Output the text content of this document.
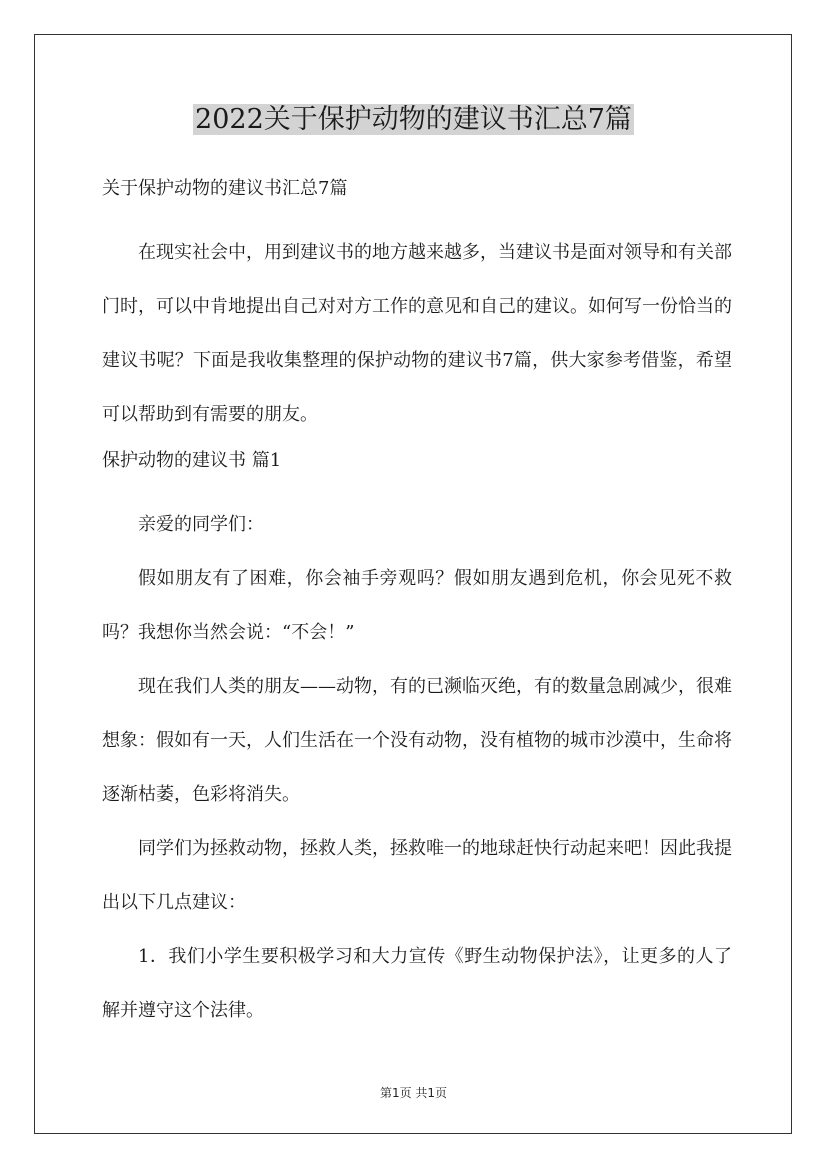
2022关于保护动物的建议书汇总7篇

关于保护动物的建议书汇总7篇

在现实社会中，用到建议书的地方越来越多，当建议书是面对领导和有关部门时，可以中肯地提出自己对对方工作的意见和自己的建议。如何写一份恰当的建议书呢？下面是我收集整理的保护动物的建议书7篇，供大家参考借鉴，希望可以帮助到有需要的朋友。

保护动物的建议书 篇1

亲爱的同学们：

假如朋友有了困难，你会袖手旁观吗？假如朋友遇到危机，你会见死不救吗？我想你当然会说：“不会！”

现在我们人类的朋友——动物，有的已濒临灭绝，有的数量急剧减少，很难想象：假如有一天，人们生活在一个没有动物，没有植物的城市沙漠中，生命将逐渐枯萎，色彩将消失。

同学们为拯救动物，拯救人类，拯救唯一的地球赶快行动起来吧！因此我提出以下几点建议：

1．我们小学生要积极学习和大力宣传《野生动物保护法》，让更多的人了解并遵守这个法律。

第1页 共1页
